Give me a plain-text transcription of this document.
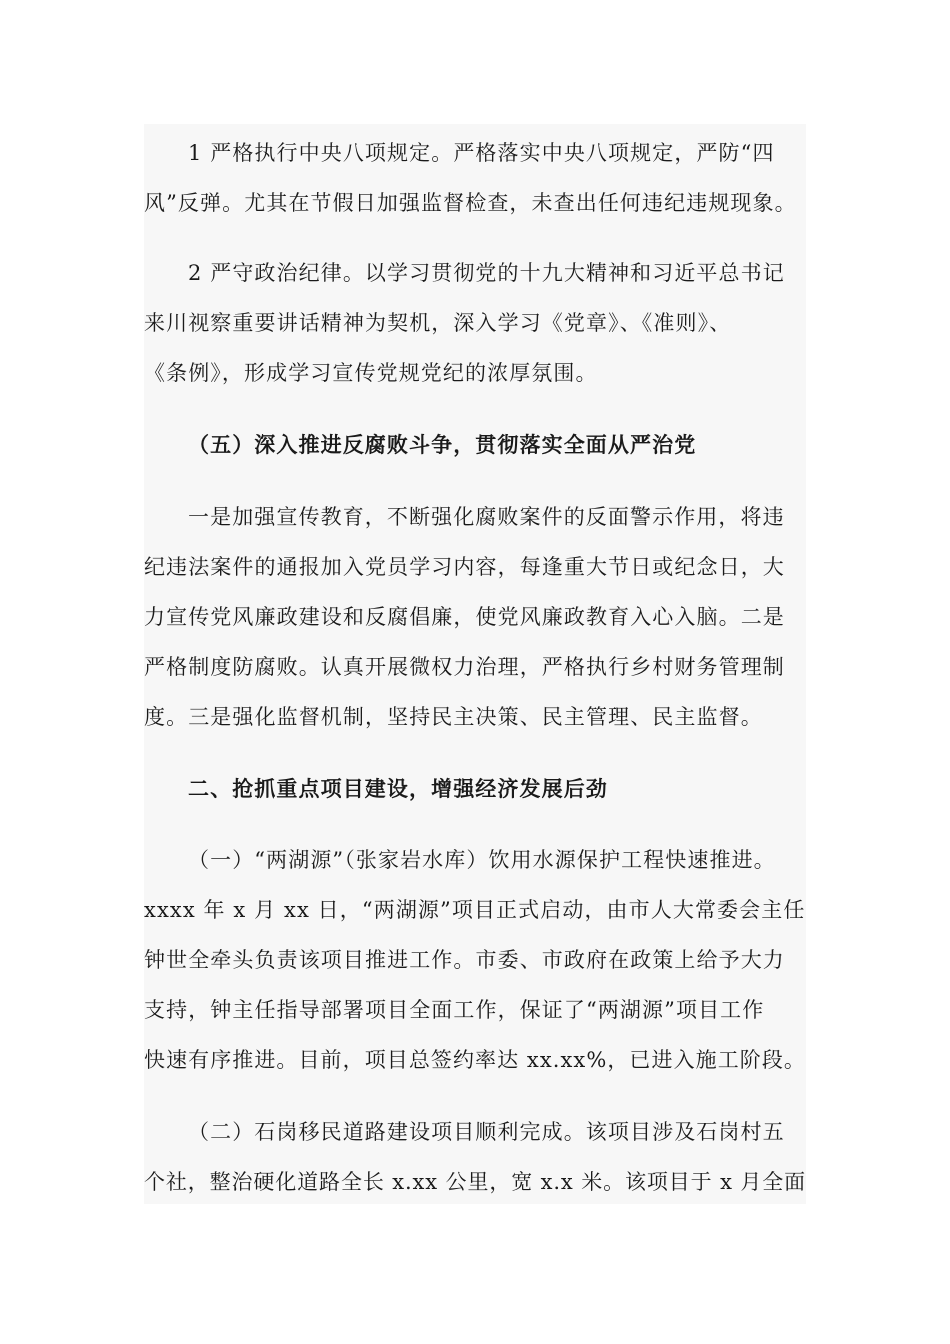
1 严格执行中央八项规定。严格落实中央八项规定，严防“四
风”反弹。尤其在节假日加强监督检查，未查出任何违纪违规现象。
2 严守政治纪律。以学习贯彻党的十九大精神和习近平总书记
来川视察重要讲话精神为契机，深入学习《党章》、《准则》、
《条例》，形成学习宣传党规党纪的浓厚氛围。
（五）深入推进反腐败斗争，贯彻落实全面从严治党
一是加强宣传教育，不断强化腐败案件的反面警示作用，将违
纪违法案件的通报加入党员学习内容，每逢重大节日或纪念日，大
力宣传党风廉政建设和反腐倡廉，使党风廉政教育入心入脑。二是
严格制度防腐败。认真开展微权力治理，严格执行乡村财务管理制
度。三是强化监督机制，坚持民主决策、民主管理、民主监督。
二、抢抓重点项目建设，增强经济发展后劲
（一）“两湖源”（张家岩水库）饮用水源保护工程快速推进。
xxxx 年 x 月 xx 日，“两湖源”项目正式启动，由市人大常委会主任
钟世全牵头负责该项目推进工作。市委、市政府在政策上给予大力
支持，钟主任指导部署项目全面工作，保证了“两湖源”项目工作
快速有序推进。目前，项目总签约率达 xx.xx%，已进入施工阶段。
（二）石岗移民道路建设项目顺利完成。该项目涉及石岗村五
个社，整治硬化道路全长 x.xx 公里，宽 x.x 米。该项目于 x 月全面
